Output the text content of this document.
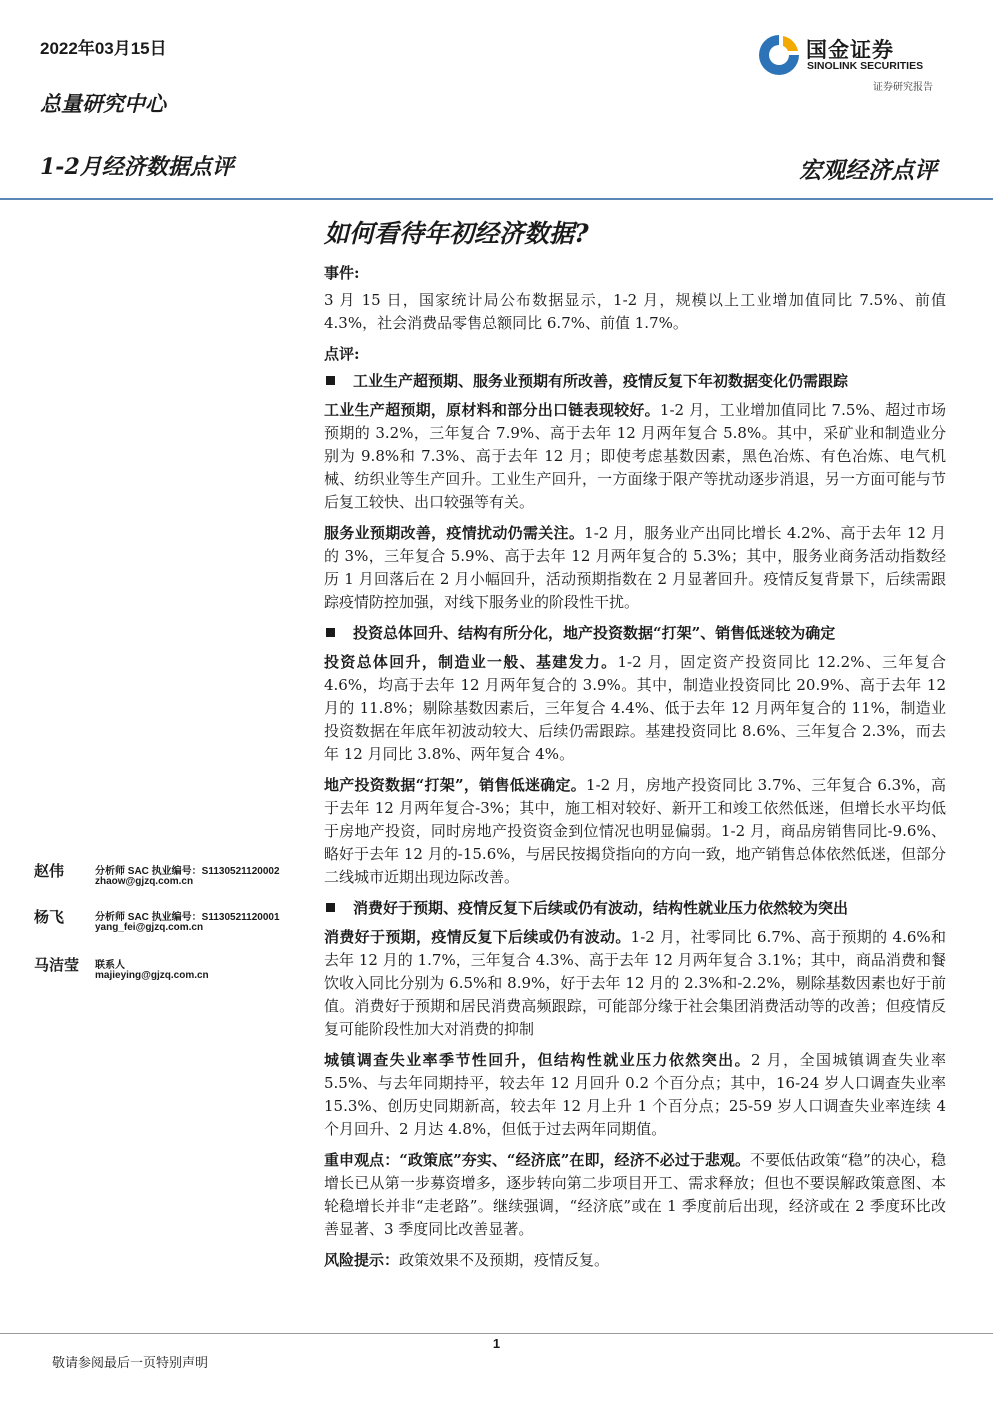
2022年03月15日
总量研究中心
1-2月经济数据点评	宏观经济点评
国金证券
SINOLINK SECURITIES
证券研究报告
如何看待年初经济数据?
事件:
3 月 15 日，国家统计局公布数据显示，1-2 月，规模以上工业增加值同比 7.5%、前值 4.3%，社会消费品零售总额同比 6.7%、前值 1.7%。
点评:
工业生产超预期、服务业预期有所改善，疫情反复下年初数据变化仍需跟踪
工业生产超预期，原材料和部分出口链表现较好。1-2 月，工业增加值同比 7.5%、超过市场预期的 3.2%，三年复合 7.9%、高于去年 12 月两年复合 5.8%。其中，采矿业和制造业分别为 9.8%和 7.3%、高于去年 12 月；即使考虑基数因素，黑色冶炼、有色冶炼、电气机械、纺织业等生产回升。工业生产回升，一方面缘于限产等扰动逐步消退，另一方面可能与节后复工较快、出口较强等有关。
服务业预期改善，疫情扰动仍需关注。1-2 月，服务业产出同比增长 4.2%、高于去年 12 月的 3%，三年复合 5.9%、高于去年 12 月两年复合的 5.3%；其中，服务业商务活动指数经历 1 月回落后在 2 月小幅回升，活动预期指数在 2 月显著回升。疫情反复背景下，后续需跟踪疫情防控加强，对线下服务业的阶段性干扰。
投资总体回升、结构有所分化，地产投资数据“打架”、销售低迷较为确定
投资总体回升，制造业一般、基建发力。1-2 月，固定资产投资同比 12.2%、三年复合 4.6%，均高于去年 12 月两年复合的 3.9%。其中，制造业投资同比 20.9%、高于去年 12 月的 11.8%；剔除基数因素后，三年复合 4.4%、低于去年 12 月两年复合的 11%，制造业投资数据在年底年初波动较大、后续仍需跟踪。基建投资同比 8.6%、三年复合 2.3%，而去年 12 月同比 3.8%、两年复合 4%。
地产投资数据“打架”，销售低迷确定。1-2 月，房地产投资同比 3.7%、三年复合 6.3%，高于去年 12 月两年复合-3%；其中，施工相对较好、新开工和竣工依然低迷，但增长水平均低于房地产投资，同时房地产投资资金到位情况也明显偏弱。1-2 月，商品房销售同比-9.6%、略好于去年 12 月的-15.6%，与居民按揭贷指向的方向一致，地产销售总体依然低迷，但部分二线城市近期出现边际改善。
消费好于预期、疫情反复下后续或仍有波动，结构性就业压力依然较为突出
消费好于预期，疫情反复下后续或仍有波动。1-2 月，社零同比 6.7%、高于预期的 4.6%和去年 12 月的 1.7%，三年复合 4.3%、高于去年 12 月两年复合 3.1%；其中，商品消费和餐饮收入同比分别为 6.5%和 8.9%，好于去年 12 月的 2.3%和-2.2%，剔除基数因素也好于前值。消费好于预期和居民消费高频跟踪，可能部分缘于社会集团消费活动等的改善；但疫情反复可能阶段性加大对消费的抑制
城镇调查失业率季节性回升，但结构性就业压力依然突出。2 月，全国城镇调查失业率 5.5%、与去年同期持平，较去年 12 月回升 0.2 个百分点；其中，16-24 岁人口调查失业率 15.3%、创历史同期新高，较去年 12 月上升 1 个百分点；25-59 岁人口调查失业率连续 4 个月回升、2 月达 4.8%，但低于过去两年同期值。
重申观点：“政策底”夯实、“经济底”在即，经济不必过于悲观。不要低估政策“稳”的决心，稳增长已从第一步募资增多，逐步转向第二步项目开工、需求释放；但也不要误解政策意图、本轮稳增长并非“走老路”。继续强调，“经济底”或在 1 季度前后出现，经济或在 2 季度环比改善显著、3 季度同比改善显著。
风险提示：政策效果不及预期，疫情反复。
赵伟	分析师 SAC 执业编号：S1130521120002
zhaow@gjzq.com.cn
杨飞	分析师 SAC 执业编号：S1130521120001
yang_fei@gjzq.com.cn
马洁莹 联系人
majieying@gjzq.com.cn
1
敬请参阅最后一页特别声明
